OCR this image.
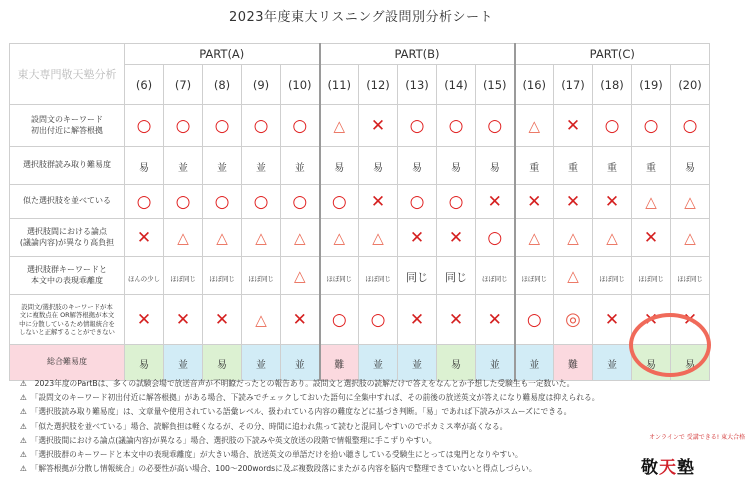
2023年度東大リスニング設問別分析シート
東大専門敬天塾分析	PART(A)					PART(B)					PART(C)				
	(6)	(7)	(8)	(9)	(10)	(11)	(12)	(13)	(14)	(15)	(16)	(17)	(18)	(19)	(20)
設問文のキーワード
初出付近に解答根拠	○	○	○	○	○	△	✕	○	○	○	△	✕	○	○	○
選択肢群読み取り難易度	易	並	並	並	並	易	易	易	易	易	重	重	重	重	易
似た選択肢を並べている	○	○	○	○	○	○	✕	○	○	✕	✕	✕	✕	△	△
選択肢間における論点
(議論内容)が異なり高負担	✕	△	△	△	△	△	△	✕	✕	○	△	△	△	✕	△
選択肢群キーワードと
本文中の表現乖離度	ほんの少し	ほぼ同じ	ほぼ同じ	ほぼ同じ	△	ほぼ同じ	ほぼ同じ	同じ	同じ	ほぼ同じ	ほぼ同じ	△	ほぼ同じ	ほぼ同じ	ほぼ同じ
設問文/選択肢のキーワードが本
文に複数点在 OR解答根拠が本文
中に分散しているため情報統合を
しないと正解することができない	✕	✕	✕	△	✕	○	○	✕	✕	✕	○	◎	✕	✕	✕
総合難易度	易	並	易	並	並	難	並	並	易	並	並	難	並	易	易

⚠　2023年度のPartBは、多くの試験会場で放送音声が不明瞭だったとの報告あり。設問文と選択肢の読解だけで答えをなんとか予想した受験生も一定数いた。

⚠　「設問文のキーワード初出付近に解答根拠」がある場合、下読みでチェックしておいた語句に全集中すれば、その前後の放送英文が答えになり難易度は抑えられる。

⚠　「選択肢読み取り難易度」は、文章量や使用されている語彙レベル、扱われている内容の難度などに基づき判断。「易」であれば下読みがスムーズにできる。

⚠　「似た選択肢を並べている」場合、読解負担は軽くなるが、その分、時間に追われ焦って読むと混同しやすいのでポカミス率が高くなる。

⚠　「選択肢間における論点(議論内容)が異なる」場合、選択肢の下読みや英文放送の段階で情報整理に手こずりやすい。

⚠　「選択肢群のキーワードと本文中の表現乖離度」が大きい場合、放送英文の単語だけを拾い聴きしている受験生にとっては鬼門となりやすい。

⚠　「解答根拠が分散し情報統合」の必要性が高い場合、100〜200wordsに及ぶ複数段落にまたがる内容を脳内で整理できていないと得点しづらい。

オンラインで 受講できる! 東大合格
敬天塾
